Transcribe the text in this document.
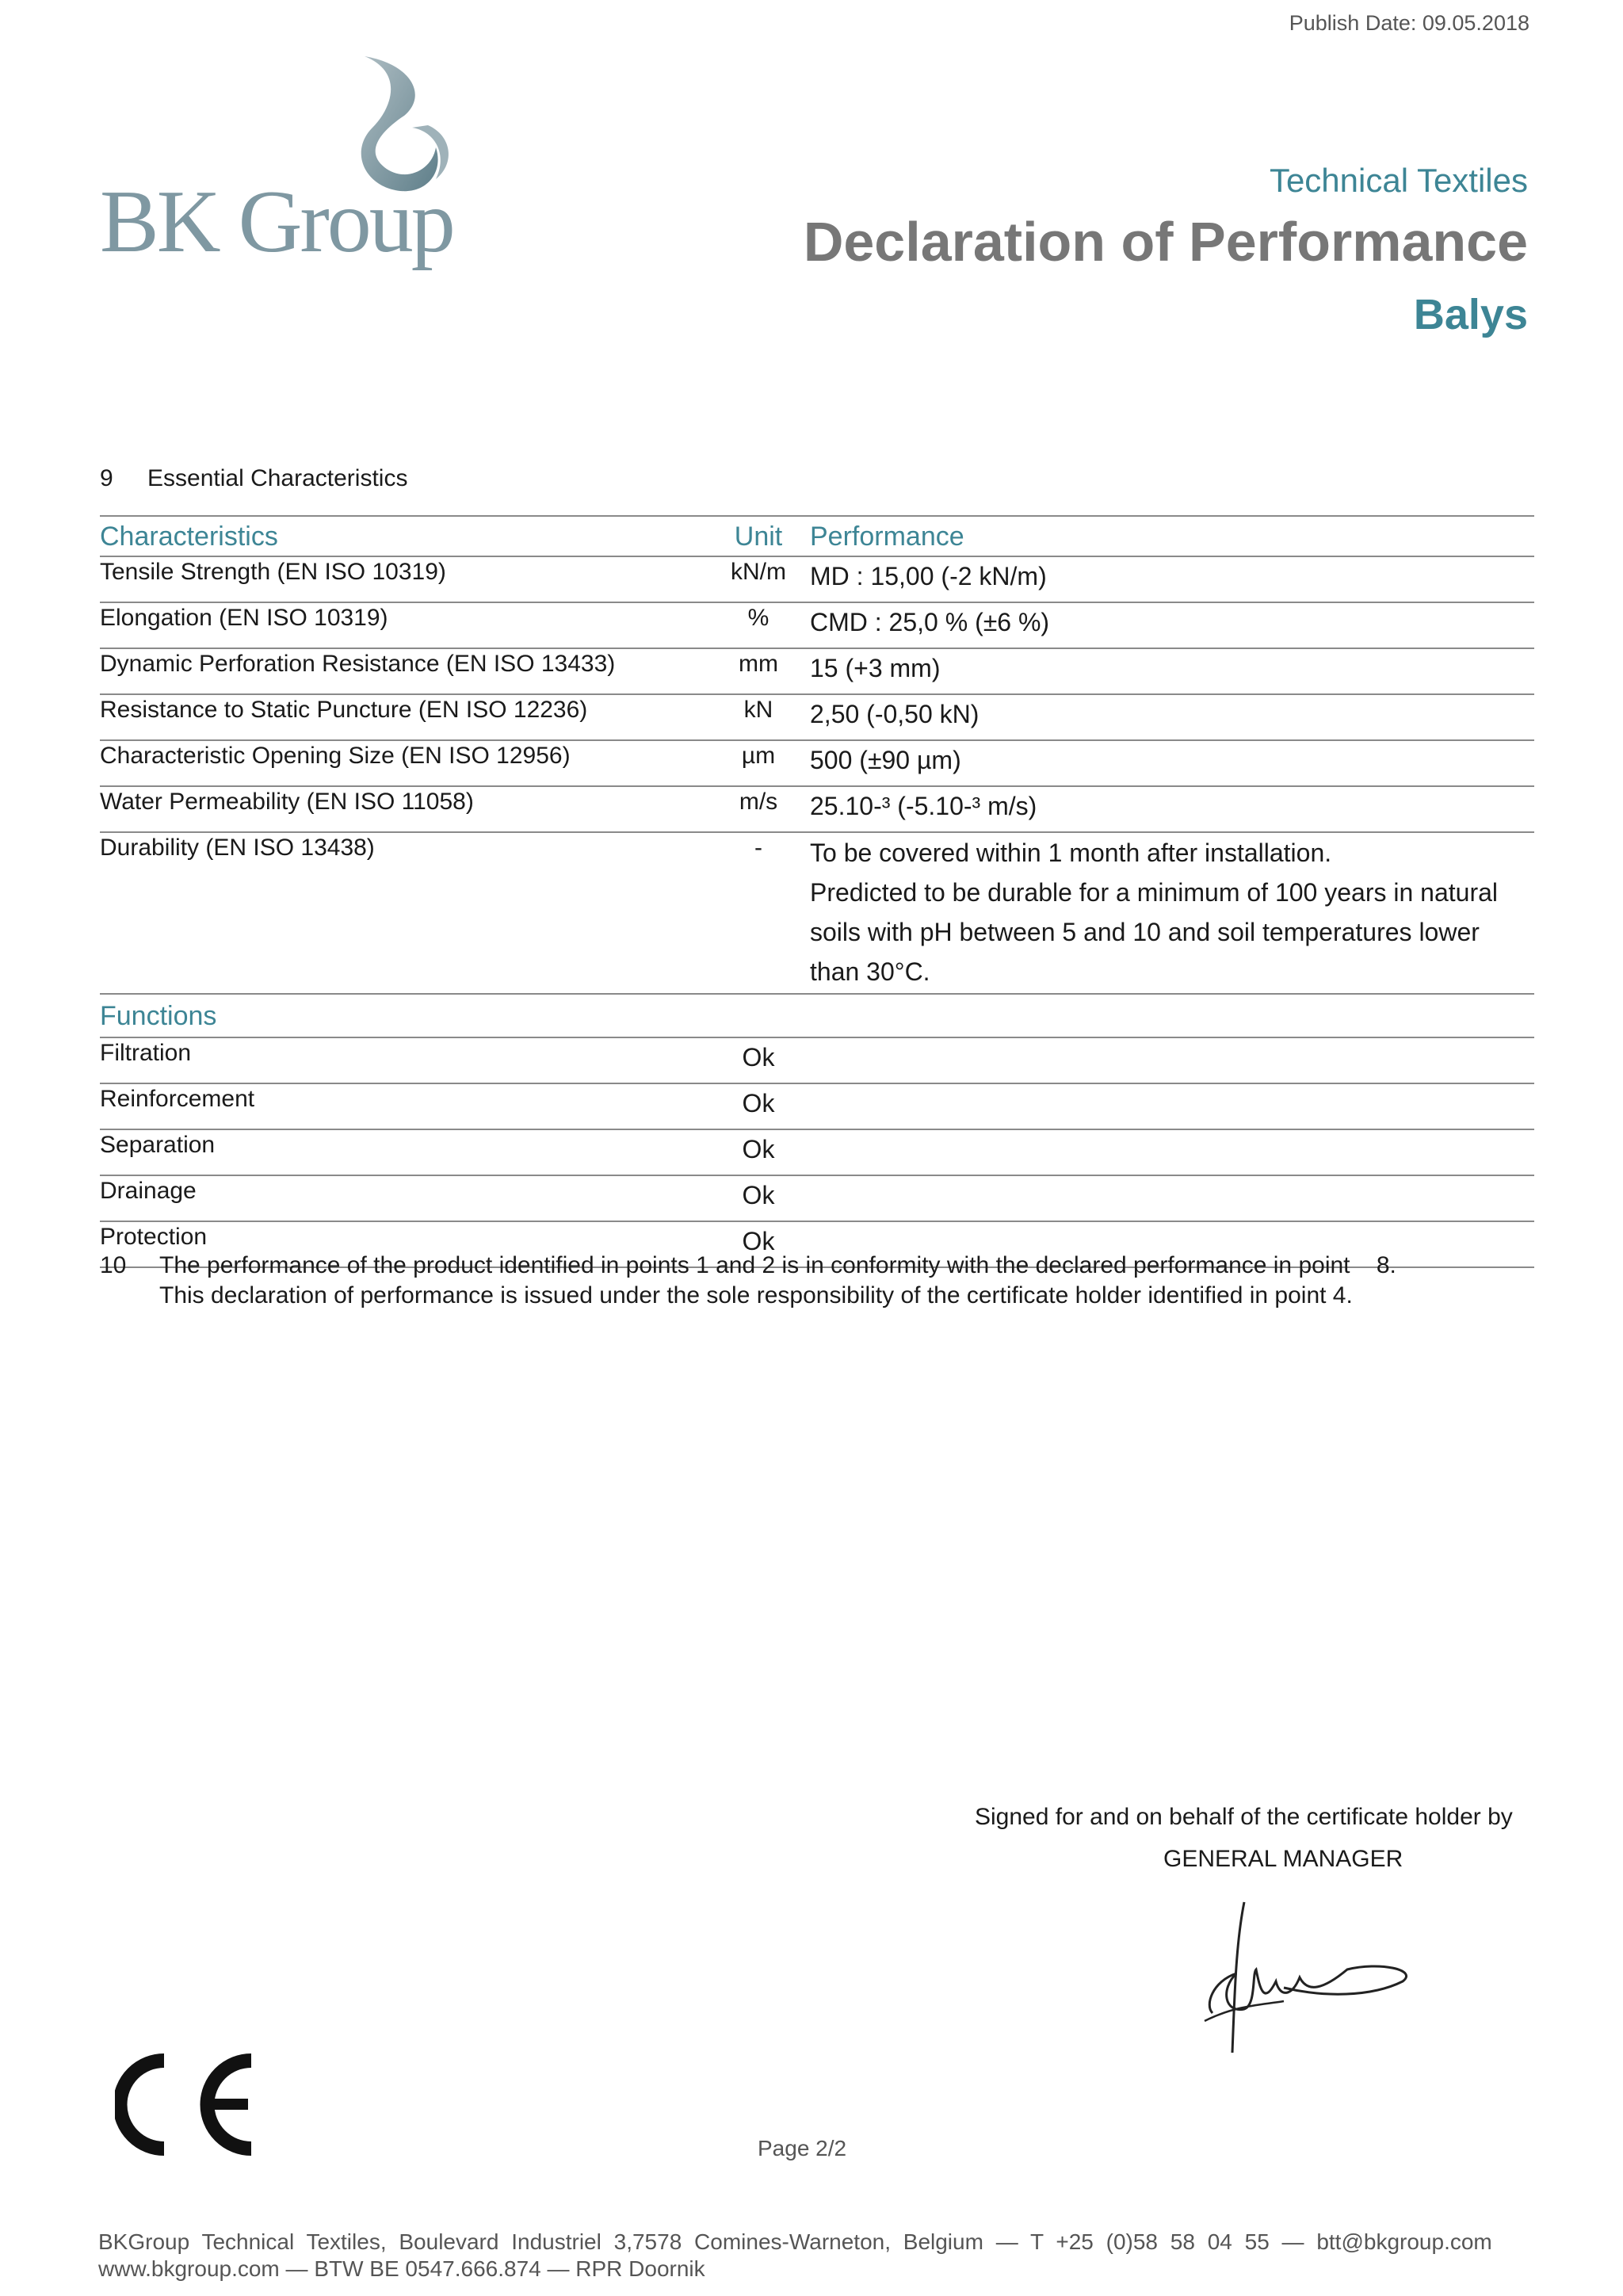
Publish Date: 09.05.2018
BK Group	Technical Textiles
Declaration of Performance
Balys
9 Essential Characteristics
Characteristics	Unit	Performance
Tensile Strength (EN ISO 10319)	kN/m	MD : 15,00 (-2 kN/m)
Elongation (EN ISO 10319)	%	CMD : 25,0 % (±6 %)
Dynamic Perforation Resistance (EN ISO 13433)	mm	15 (+3 mm)
Resistance to Static Puncture (EN ISO 12236)	kN	2,50 (-0,50 kN)
Characteristic Opening Size (EN ISO 12956)	µm	500 (±90 µm)
Water Permeability (EN ISO 11058)	m/s	25.10-³ (-5.10-³ m/s)
Durability (EN ISO 13438)	-	To be covered within 1 month after installation.
Predicted to be durable for a minimum of 100 years in natural
soils with pH between 5 and 10 and soil temperatures lower
than 30°C.

Functions		
Filtration	Ok	
Reinforcement	Ok	
Separation	Ok	
Drainage	Ok	
Protection	Ok	
10 The performance of the product identified in points 1 and 2 is in conformity with the declared performance in point 8.
This declaration of performance is issued under the sole responsibility of the certificate holder identified in point 4.
Signed for and on behalf of the certificate holder by
GENERAL MANAGER
Page 2/2
BKGroup Technical Textiles, Boulevard Industriel 3,7578 Comines-Warneton, Belgium — T +25 (0)58 58 04 55 — btt@bkgroup.com
www.bkgroup.com — BTW BE 0547.666.874 — RPR Doornik
